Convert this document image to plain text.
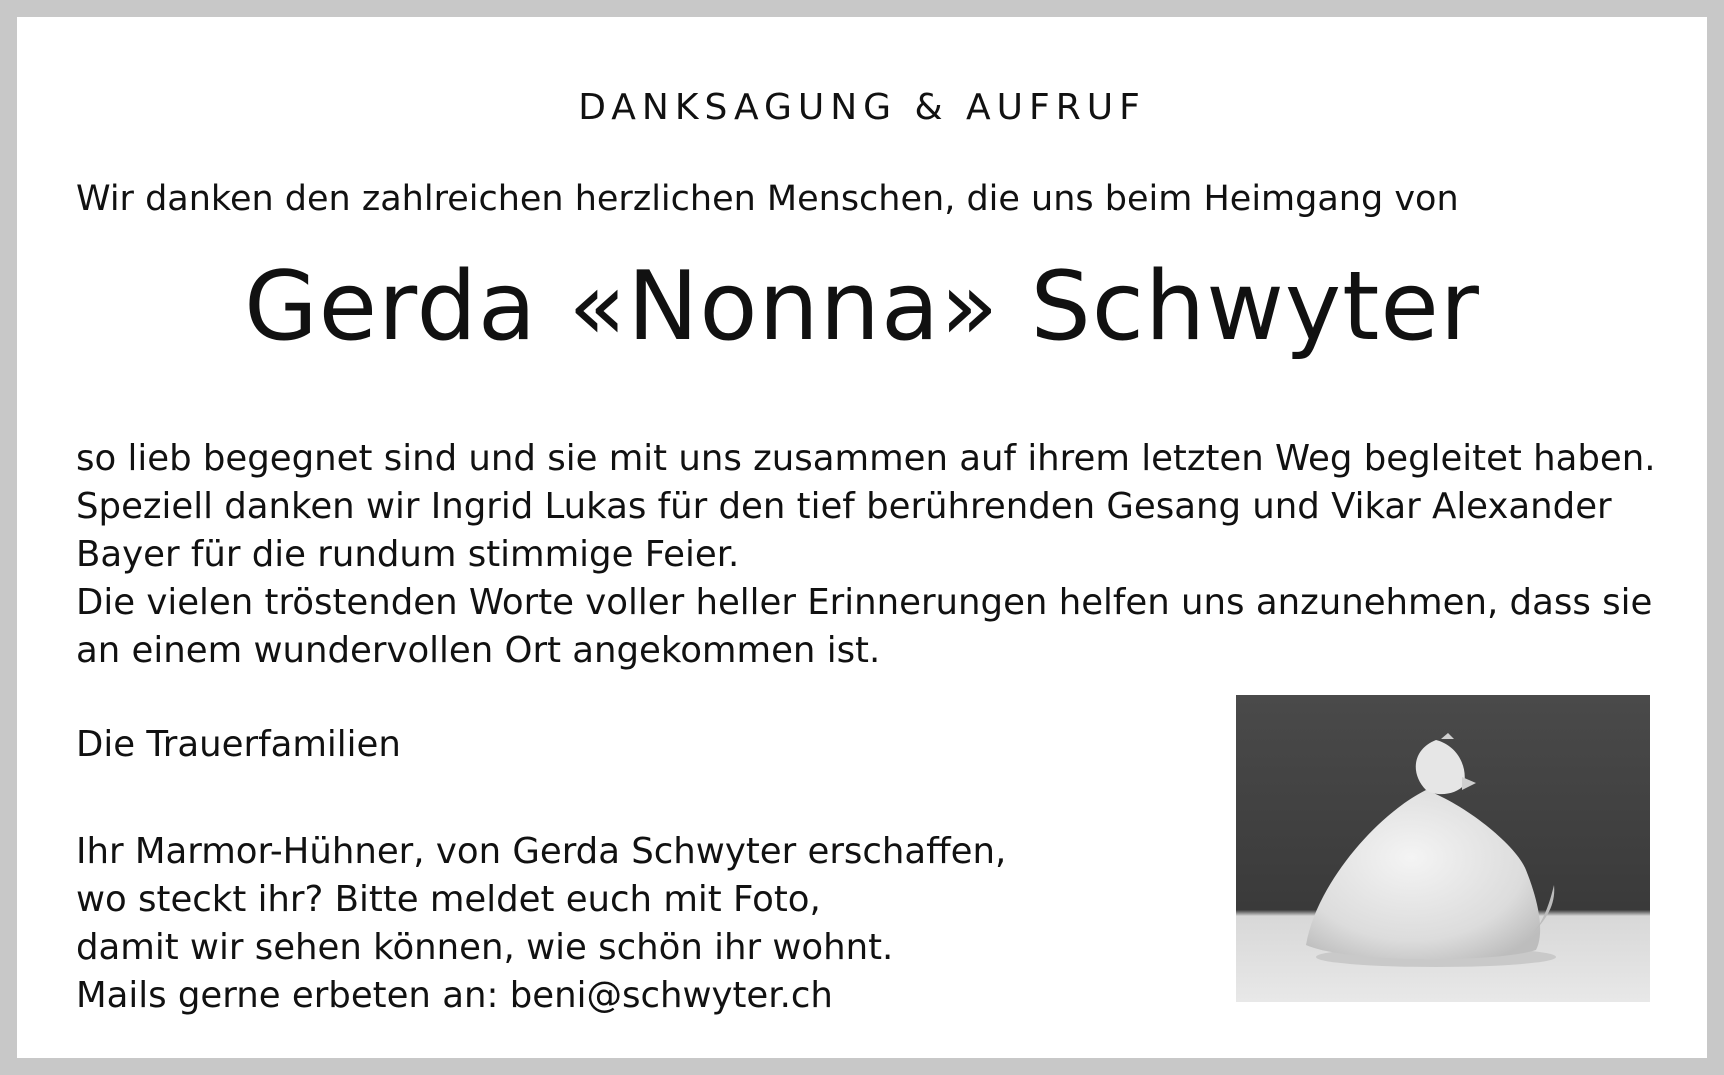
DANKSAGUNG & AUFRUF
Wir danken den zahlreichen herzlichen Menschen, die uns beim Heimgang von
Gerda «Nonna» Schwyter

so lieb begegnet sind und sie mit uns zusammen auf ihrem letzten Weg begleitet haben.

Speziell danken wir Ingrid Lukas für den tief berührenden Gesang und Vikar Alexander

Bayer für die rundum stimmige Feier.

Die vielen tröstenden Worte voller heller Erinnerungen helfen uns anzunehmen, dass sie

an einem wundervollen Ort angekommen ist.

Die Trauerfamilien

Ihr Marmor-Hühner, von Gerda Schwyter erschaffen,

wo steckt ihr? Bitte meldet euch mit Foto,

damit wir sehen können, wie schön ihr wohnt.

Mails gerne erbeten an: beni@schwyter.ch
